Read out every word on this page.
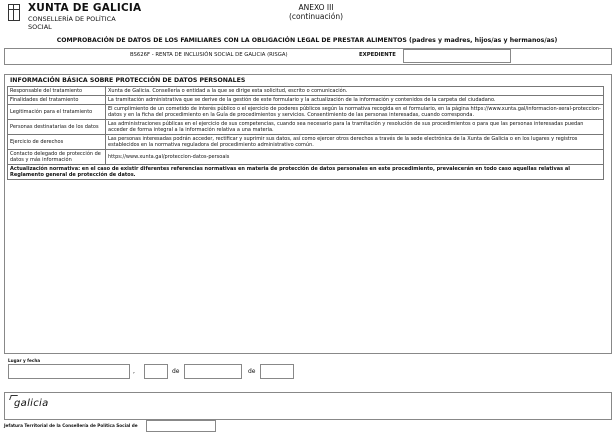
XUNTA DE GALICIA
CONSELLERÍA DE POLÍTICA
SOCIAL
ANEXO III
(continuación)
COMPROBACIÓN DE DATOS DE LOS FAMILIARES CON LA OBLIGACIÓN LEGAL DE PRESTAR ALIMENTOS (padres y madres, hijos/as y hermanos/as)
BS626F - RENTA DE INCLUSIÓN SOCIAL DE GALICIA (RISGA)	EXPEDIENTE
INFORMACIÓN BÁSICA SOBRE PROTECCIÓN DE DATOS PERSONALES
Responsable del tratamiento	Xunta de Galicia. Consellería o entidad a la que se dirige esta solicitud, escrito o comunicación.
Finalidades del tratamiento	La tramitación administrativa que se derive de la gestión de este formulario y la actualización de la información y contenidos de la carpeta del ciudadano.
Legitimación para el tratamiento	El cumplimiento de un cometido de interés público o el ejercicio de poderes públicos según la normativa recogida en el formulario, en la página https://www.xunta.gal/informacion-xeral-proteccion-datos y en la ficha del procedimiento en la Guía de procedimientos y servicios. Consentimiento de las personas interesadas, cuando corresponda.
Personas destinatarias de los datos	Las administraciones públicas en el ejercicio de sus competencias, cuando sea necesario para la tramitación y resolución de sus procedimientos o para que las personas interesadas puedan acceder de forma integral a la información relativa a una materia.
Ejercicio de derechos	Las personas interesadas podrán acceder, rectificar y suprimir sus datos, así como ejercer otros derechos a través de la sede electrónica de la Xunta de Galicia o en los lugares y registros establecidos en la normativa reguladora del procedimiento administrativo común.
Contacto delegado de protección de datos y más información	https://www.xunta.gal/proteccion-datos-persoais
Actualización normativa: en el caso de existir diferentes referencias normativas en materia de protección de datos personales en este procedimiento, prevalecerán en todo caso aquellas relativas al Reglamento general de protección de datos.	
Lugar y fecha
,	de	de
galicia
Jefatura Territorial de la Consellería de Política Social de
